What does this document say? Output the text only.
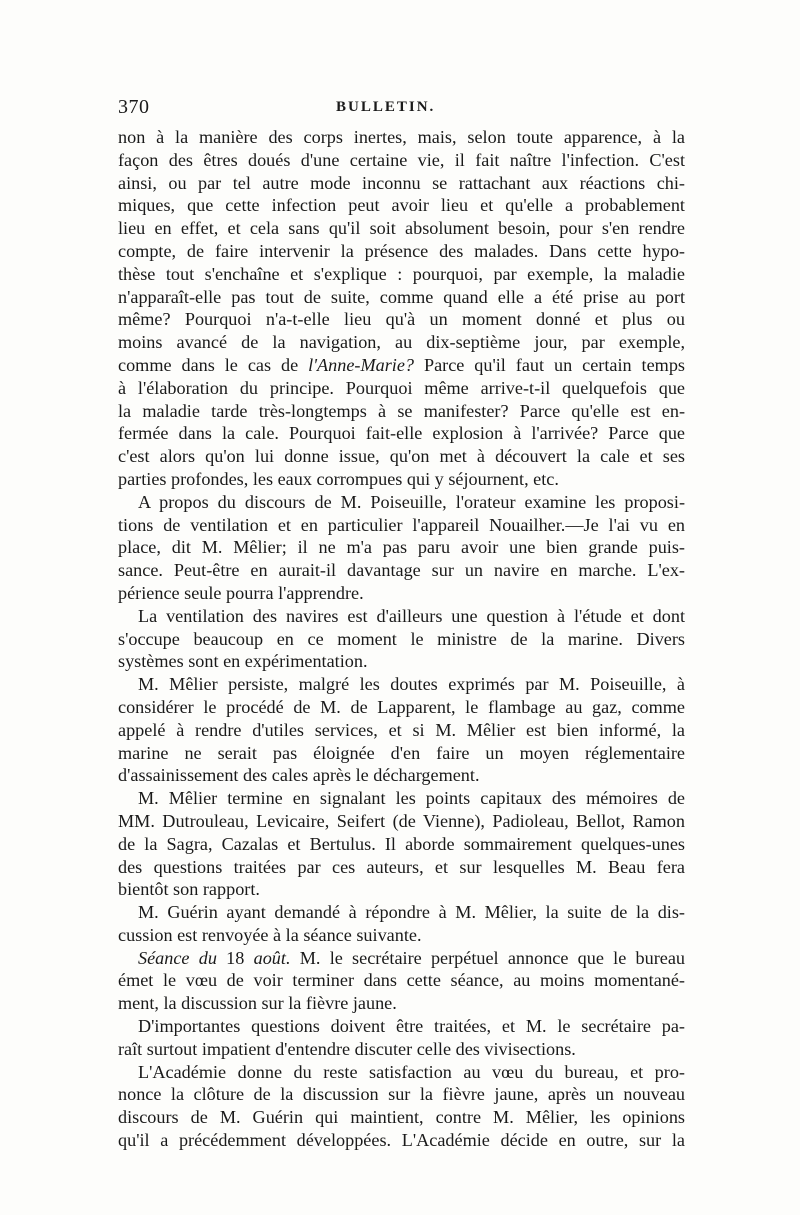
370	BULLETIN.
non à la manière des corps inertes, mais, selon toute apparence, à la
façon des êtres doués d'une certaine vie, il fait naître l'infection. C'est
ainsi, ou par tel autre mode inconnu se rattachant aux réactions chi-
miques, que cette infection peut avoir lieu et qu'elle a probablement
lieu en effet, et cela sans qu'il soit absolument besoin, pour s'en rendre
compte, de faire intervenir la présence des malades. Dans cette hypo-
thèse tout s'enchaîne et s'explique : pourquoi, par exemple, la maladie
n'apparaît-elle pas tout de suite, comme quand elle a été prise au port
même? Pourquoi n'a-t-elle lieu qu'à un moment donné et plus ou
moins avancé de la navigation, au dix-septième jour, par exemple,
comme dans le cas de l'Anne-Marie? Parce qu'il faut un certain temps
à l'élaboration du principe. Pourquoi même arrive-t-il quelquefois que
la maladie tarde très-longtemps à se manifester? Parce qu'elle est en-
fermée dans la cale. Pourquoi fait-elle explosion à l'arrivée? Parce que
c'est alors qu'on lui donne issue, qu'on met à découvert la cale et ses
parties profondes, les eaux corrompues qui y séjournent, etc.
A propos du discours de M. Poiseuille, l'orateur examine les proposi-
tions de ventilation et en particulier l'appareil Nouailher.—Je l'ai vu en
place, dit M. Mêlier; il ne m'a pas paru avoir une bien grande puis-
sance. Peut-être en aurait-il davantage sur un navire en marche. L'ex-
périence seule pourra l'apprendre.
La ventilation des navires est d'ailleurs une question à l'étude et dont
s'occupe beaucoup en ce moment le ministre de la marine. Divers
systèmes sont en expérimentation.
M. Mêlier persiste, malgré les doutes exprimés par M. Poiseuille, à
considérer le procédé de M. de Lapparent, le flambage au gaz, comme
appelé à rendre d'utiles services, et si M. Mêlier est bien informé, la
marine ne serait pas éloignée d'en faire un moyen réglementaire
d'assainissement des cales après le déchargement.
M. Mêlier termine en signalant les points capitaux des mémoires de
MM. Dutrouleau, Levicaire, Seifert (de Vienne), Padioleau, Bellot, Ramon
de la Sagra, Cazalas et Bertulus. Il aborde sommairement quelques-unes
des questions traitées par ces auteurs, et sur lesquelles M. Beau fera
bientôt son rapport.
M. Guérin ayant demandé à répondre à M. Mêlier, la suite de la dis-
cussion est renvoyée à la séance suivante.
Séance du 18 août. M. le secrétaire perpétuel annonce que le bureau
émet le vœu de voir terminer dans cette séance, au moins momentané-
ment, la discussion sur la fièvre jaune.
D'importantes questions doivent être traitées, et M. le secrétaire pa-
raît surtout impatient d'entendre discuter celle des vivisections.
L'Académie donne du reste satisfaction au vœu du bureau, et pro-
nonce la clôture de la discussion sur la fièvre jaune, après un nouveau
discours de M. Guérin qui maintient, contre M. Mêlier, les opinions
qu'il a précédemment développées. L'Académie décide en outre, sur la
